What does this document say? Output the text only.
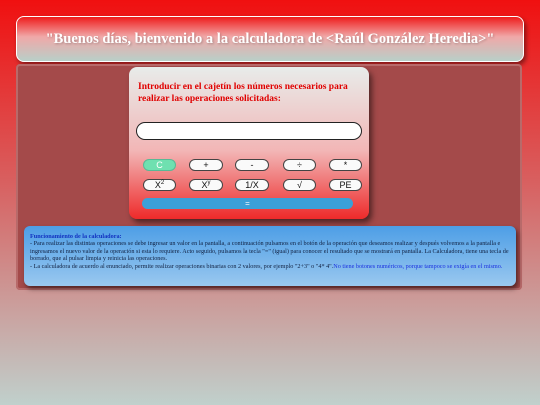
"Buenos días, bienvenido a la calculadora de <Raúl González Heredia>"

Introducir en el cajetín los números necesarios para realizar las operaciones solicitadas:

C	+	-	÷	*
$X^2$	$X^y$	1/X	√	PE
=
Funcionamiento de la calculadora:
- Para realizar las distintas operaciones se debe ingresar un valor en la pantalla, a continuación pulsamos en el botón de la operación que deseamos realizar y después volvemos a la pantalla e ingresamos el nuevo valor de la operación si esta lo requiere. Acto seguido, pulsamos la tecla "=" (igual) para conocer el resultado que se mostrará en pantalla. La Calculadora, tiene una tecla de borrado, que al pulsar limpia y reinicia las operaciones.
- La calculadora de acuerdo al enunciado, permite realizar operaciones binarias con 2 valores, por ejemplo "2+3" o "4* 4".No tiene botones numéricos, porque tampoco se exigía en el mismo.
